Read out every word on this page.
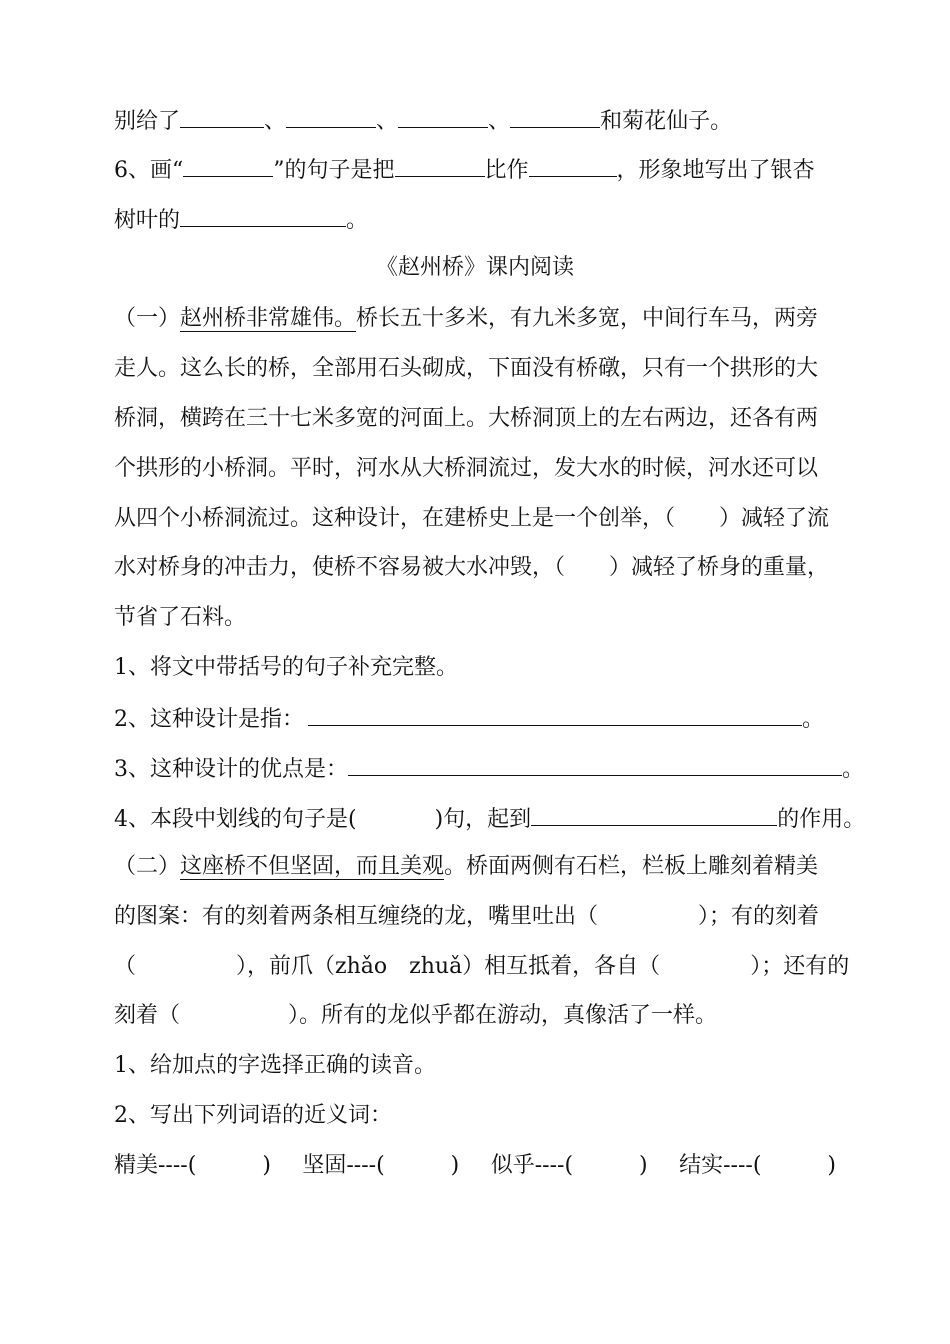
别给了	、	、	、	和菊花仙子。
6、画“	”的句子是把	比作	，形象地写出了银杏
树叶的	。
《赵州桥》课内阅读
（一）赵州桥非常雄伟。桥长五十多米，有九米多宽，中间行车马，两旁
走人。这么长的桥，全部用石头砌成，下面没有桥礅，只有一个拱形的大
桥洞，横跨在三十七米多宽的河面上。大桥洞顶上的左右两边，还各有两
个拱形的小桥洞。平时，河水从大桥洞流过，发大水的时候，河水还可以
从四个小桥洞流过。这种设计，在建桥史上是一个创举，（ ）减轻了流
水对桥身的冲击力，使桥不容易被大水冲毁，（ ）减轻了桥身的重量，
节省了石料。
1、将文中带括号的句子补充完整。
2、这种设计是指：	。
3、这种设计的优点是：	。
4、本段中划线的句子是(	)句，起到	的作用。
（二）这座桥不但坚固，而且美观。桥面两侧有石栏，栏板上雕刻着精美
的图案：有的刻着两条相互缠绕的龙，嘴里吐出（	）；有的刻着
（	），前爪（zhǎo　zhuǎ）相互抵着，各自（	）；还有的
刻着（	）。所有的龙似乎都在游动，真像活了一样。
1、给加点的字选择正确的读音。
2、写出下列词语的近义词：
精美----(　　　) 坚固----(　　　) 似乎----(　　　) 结实----(　　　)
